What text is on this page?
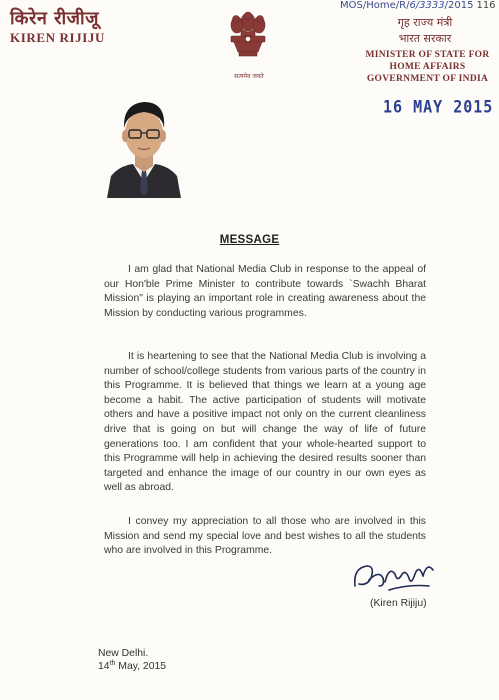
किरेन रीजीजू
KIREN RIJIJU
सत्यमेव जयते
MOS/Home/R/6/3333/2015 116
गृह राज्य मंत्री
भारत सरकार
MINISTER OF STATE FOR
HOME AFFAIRS
GOVERNMENT OF INDIA
16 MAY 2015
MESSAGE
I am glad that National Media Club in response to the appeal of our Hon'ble Prime Minister to contribute towards `Swachh Bharat Mission" is playing an important role in creating awareness about the Mission by conducting various programmes.
It is heartening to see that the National Media Club is involving a number of school/college students from various parts of the country in this Programme. It is believed that things we learn at a young age become a habit. The active participation of students will motivate others and have a positive impact not only on the current cleanliness drive that is going on but will change the way of life of future generations too. I am confident that your whole-hearted support to this Programme will help in achieving the desired results sooner than targeted and enhance the image of our country in our own eyes as well as abroad.
I convey my appreciation to all those who are involved in this Mission and send my special love and best wishes to all the students who are involved in this Programme.
(Kiren Rijiju)
New Delhi.
14th May, 2015
